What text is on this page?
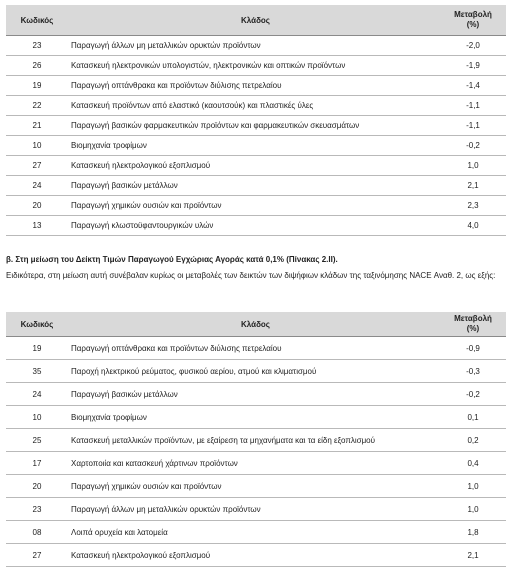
Κωδικός	Κλάδος	Μεταβολή
(%)

23	Παραγωγή άλλων μη μεταλλικών ορυκτών προϊόντων	-2,0
26	Κατασκευή ηλεκτρονικών υπολογιστών, ηλεκτρονικών και οπτικών προϊόντων	-1,9
19	Παραγωγή οπτάνθρακα και προϊόντων διύλισης πετρελαίου	-1,4
22	Κατασκευή προϊόντων από ελαστικό (καουτσούκ) και πλαστικές ύλες	-1,1
21	Παραγωγή βασικών φαρμακευτικών προϊόντων και φαρμακευτικών σκευασμάτων	-1,1
10	Βιομηχανία τροφίμων	-0,2
27	Κατασκευή ηλεκτρολογικού εξοπλισμού	1,0
24	Παραγωγή βασικών μετάλλων	2,1
20	Παραγωγή χημικών ουσιών και προϊόντων	2,3
13	Παραγωγή κλωστοϋφαντουργικών υλών	4,0
β. Στη μείωση του Δείκτη Τιμών Παραγωγού Εγχώριας Αγοράς κατά 0,1% (Πίνακας 2.ΙΙ).
Ειδικότερα, στη μείωση αυτή συνέβαλαν κυρίως οι μεταβολές των δεικτών των διψήφιων κλάδων της ταξινόμησης NACE Αναθ. 2, ως εξής:
Κωδικός	Κλάδος	Μεταβολή
(%)

19	Παραγωγή οπτάνθρακα και προϊόντων διύλισης πετρελαίου	-0,9
35	Παροχή ηλεκτρικού ρεύματος, φυσικού αερίου, ατμού και κλιματισμού	-0,3
24	Παραγωγή βασικών μετάλλων	-0,2
10	Βιομηχανία τροφίμων	0,1
25	Κατασκευή μεταλλικών προϊόντων, με εξαίρεση τα μηχανήματα και τα είδη εξοπλισμού	0,2
17	Χαρτοποιία και κατασκευή χάρτινων προϊόντων	0,4
20	Παραγωγή χημικών ουσιών και προϊόντων	1,0
23	Παραγωγή άλλων μη μεταλλικών ορυκτών προϊόντων	1,0
08	Λοιπά ορυχεία και λατομεία	1,8
27	Κατασκευή ηλεκτρολογικού εξοπλισμού	2,1
